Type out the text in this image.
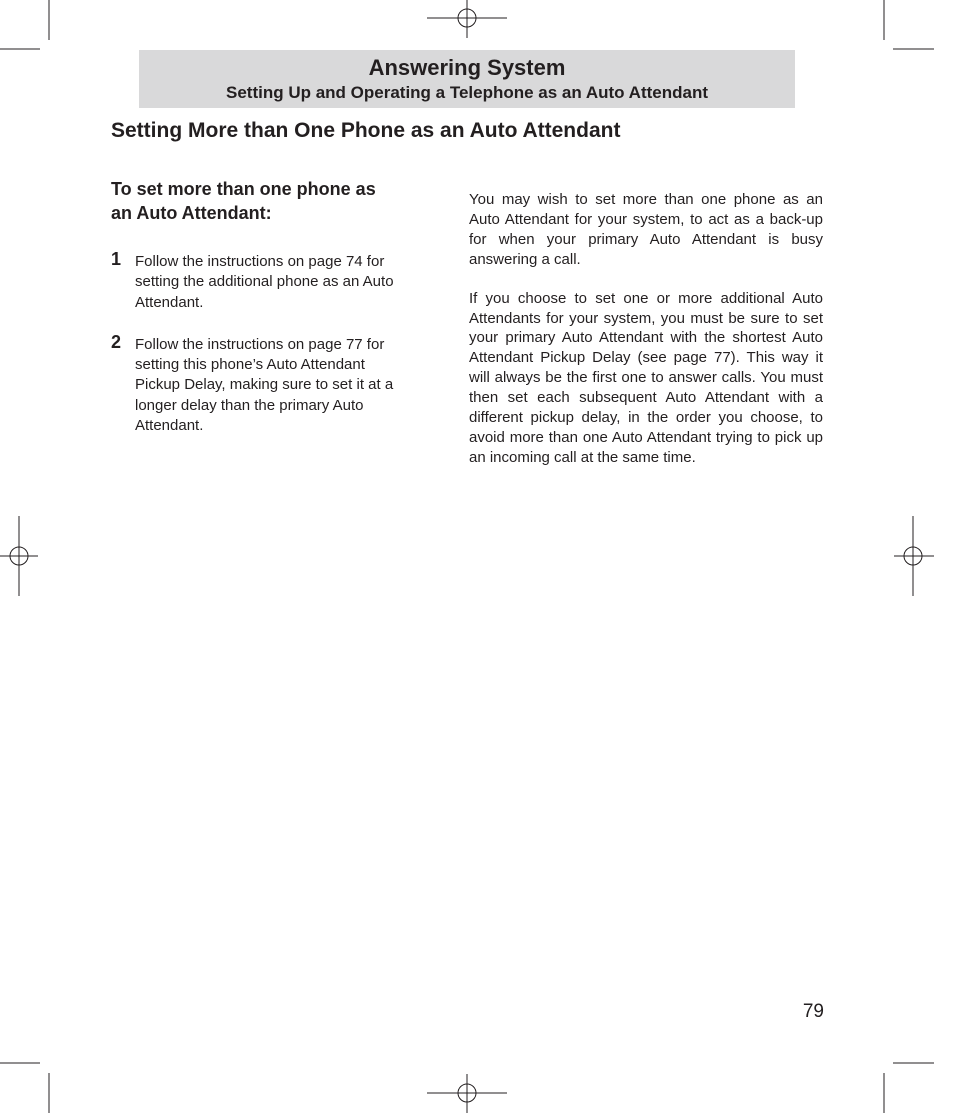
Answering System
Setting Up and Operating a Telephone as an Auto Attendant
Setting More than One Phone as an Auto Attendant
To set more than one phone as an Auto Attendant:
1 Follow the instructions on page 74 for setting the additional phone as an Auto Attendant.
2 Follow the instructions on page 77 for setting this phone’s Auto Attendant Pickup Delay, making sure to set it at a longer delay than the primary Auto Attendant.

You may wish to set more than one phone as an Auto Attendant for your system, to act as a back-up for when your primary Auto Attendant is busy answering a call.

If you choose to set one or more additional Auto Attendants for your system, you must be sure to set your primary Auto Attendant with the shortest Auto Attendant Pickup Delay (see page 77). This way it will always be the first one to answer calls. You must then set each subsequent Auto Attendant with a different pickup delay, in the order you choose, to avoid more than one Auto Attendant trying to pick up an incoming call at the same time.

79
